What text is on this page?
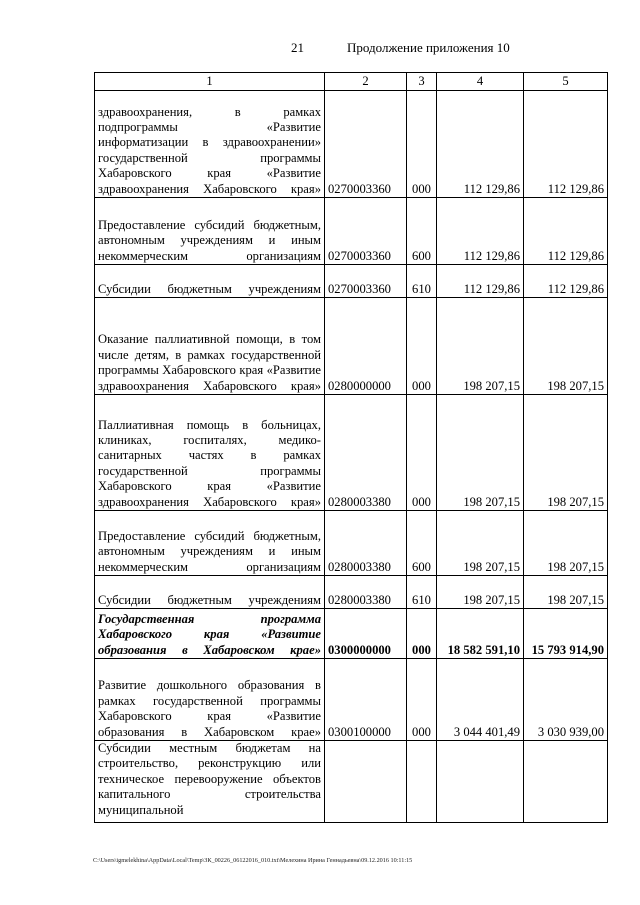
21	Продолжение приложения 10
1	2	3	4	5
здравоохранения, в рамках подпрограммы «Развитие информатизации в здравоохранении» государственной программы Хабаровского края «Развитие здравоохранения Хабаровского края»	0270003360	000	112 129,86	112 129,86
Предоставление субсидий бюджетным, автономным учреждениям и иным некоммерческим организациям	0270003360	600	112 129,86	112 129,86
Субсидии бюджетным учреждениям	0270003360	610	112 129,86	112 129,86
Оказание паллиативной помощи, в том числе детям, в рамках государственной программы Хабаровского края «Развитие здравоохранения Хабаровского края»	0280000000	000	198 207,15	198 207,15
Паллиативная помощь в больницах, клиниках, госпиталях, медико-санитарных частях в рамках государственной программы Хабаровского края «Развитие здравоохранения Хабаровского края»	0280003380	000	198 207,15	198 207,15
Предоставление субсидий бюджетным, автономным учреждениям и иным некоммерческим организациям	0280003380	600	198 207,15	198 207,15
Субсидии бюджетным учреждениям	0280003380	610	198 207,15	198 207,15
Государственная программа Хабаровского края «Развитие образования в Хабаровском крае»	0300000000	000	18 582 591,10	15 793 914,90
Развитие дошкольного образования в рамках государственной программы Хабаровского края «Развитие образования в Хабаровском крае»	0300100000	000	3 044 401,49	3 030 939,00
Субсидии местным бюджетам на строительство, реконструкцию или техническое перевооружение объектов капитального строительства муниципальной				
C:\Users\igmelekhina\AppData\Local\Temp\ЗК_00226_06122016_010.txt\Мелехина Ирина Геннадьевна\09.12.2016 10:11:15
